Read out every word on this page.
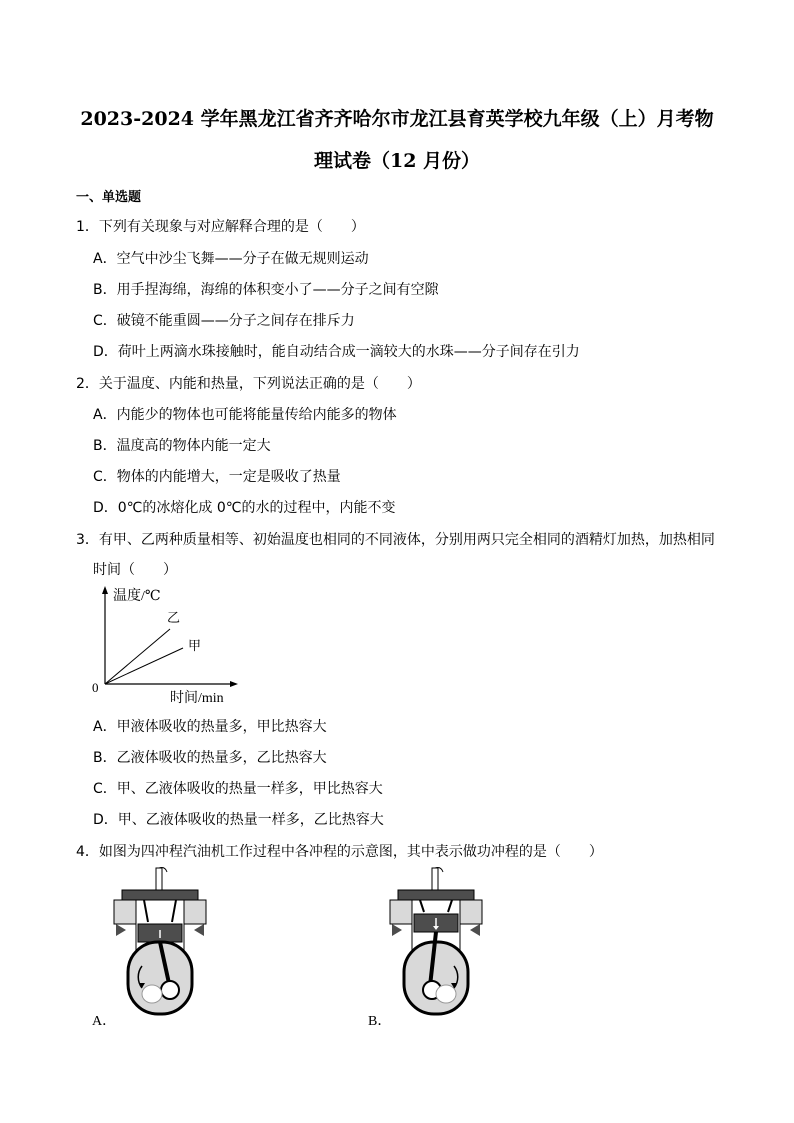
2023-2024 学年黑龙江省齐齐哈尔市龙江县育英学校九年级（上）月考物
理试卷（12 月份）
一、单选题
1．下列有关现象与对应解释合理的是（　　）
A．空气中沙尘飞舞——分子在做无规则运动
B．用手捏海绵，海绵的体积变小了——分子之间有空隙
C．破镜不能重圆——分子之间存在排斥力
D．荷叶上两滴水珠接触时，能自动结合成一滴较大的水珠——分子间存在引力
2．关于温度、内能和热量，下列说法正确的是（　　）
A．内能少的物体也可能将能量传给内能多的物体
B．温度高的物体内能一定大
C．物体的内能增大，一定是吸收了热量
D．0℃的冰熔化成 0℃的水的过程中，内能不变
3．有甲、乙两种质量相等、初始温度也相同的不同液体，分别用两只完全相同的酒精灯加热，加热相同
时间（　　）
温度/℃
乙
甲
0
时间/min
A．甲液体吸收的热量多，甲比热容大
B．乙液体吸收的热量多，乙比热容大
C．甲、乙液体吸收的热量一样多，甲比热容大
D．甲、乙液体吸收的热量一样多，乙比热容大
4．如图为四冲程汽油机工作过程中各冲程的示意图，其中表示做功冲程的是（　　）
A．	B．
